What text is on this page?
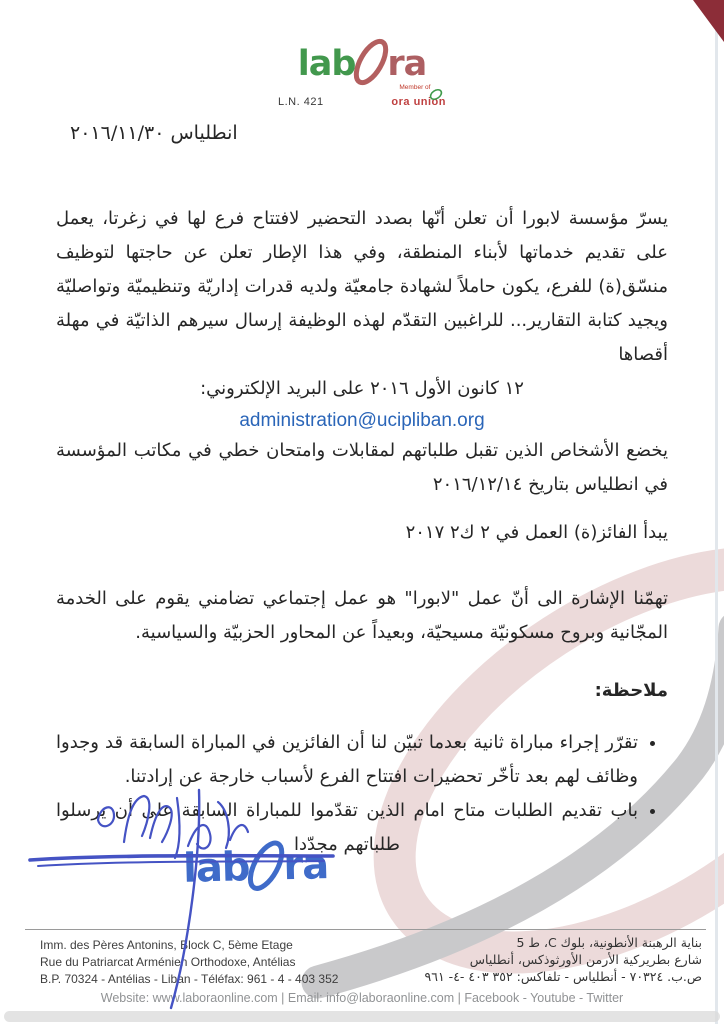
lab ra
L.N. 421
Member of
ora union
انطلياس ٢٠١٦/١١/٣٠

يسرّ مؤسسة لابورا أن تعلن أنّها بصدد التحضير لافتتاح فرع لها في زغرتا، يعمل على تقديم خدماتها لأبناء المنطقة، وفي هذا الإطار تعلن عن حاجتها لتوظيف منسّق(ة) للفرع، يكون حاملاً لشهادة جامعيّة ولديه قدرات إداريّة وتنظيميّة وتواصليّة ويجيد كتابة التقارير... للراغبين التقدّم لهذه الوظيفة إرسال سيرهم الذاتيّة في مهلة أقصاها

١٢ كانون الأول ٢٠١٦ على البريد الإلكتروني:

administration@ucipliban.org

يخضع الأشخاص الذين تقبل طلباتهم لمقابلات وامتحان خطي في مكاتب المؤسسة في انطلياس بتاريخ ٢٠١٦/١٢/١٤

يبدأ الفائز(ة) العمل في ٢ ك٢ ٢٠١٧

تهمّنا الإشارة الى أنّ عمل "لابورا" هو عمل إجتماعي تضامني يقوم على الخدمة المجّانية وبروح مسكونيّة مسيحيّة، وبعيداً عن المحاور الحزبيّة والسياسية.

ملاحظة:

• تقرّر إجراء مباراة ثانية بعدما تبيّن لنا أن الفائزين في المباراة السابقة قد وجدوا وظائف لهم بعد تأخّر تحضيرات افتتاح الفرع لأسباب خارجة عن إرادتنا.
• باب تقديم الطلبات متاح امام الذين تقدّموا للمباراة السابقة على أن يرسلوا طلباتهم مجدّدا
lab ra
Imm. des Pères Antonins, Block C, 5ème Etage
Rue du Patriarcat Arménien Orthodoxe, Antélias
B.P. 70324 - Antélias - Liban - Téléfax: 961 - 4 - 403 352
بناية الرهبنة الأنطونية، بلوك C، ط 5
شارع بطريركية الأرمن الأورثوذكس، أنطلياس
ص.ب. ٧٠٣٢٤ - أنطلياس - تلفاكس: ٣٥٢ ٤٠٣ -٤- ٩٦١
Website: www.laboraonline.com | Email: info@laboraonline.com | Facebook - Youtube - Twitter
